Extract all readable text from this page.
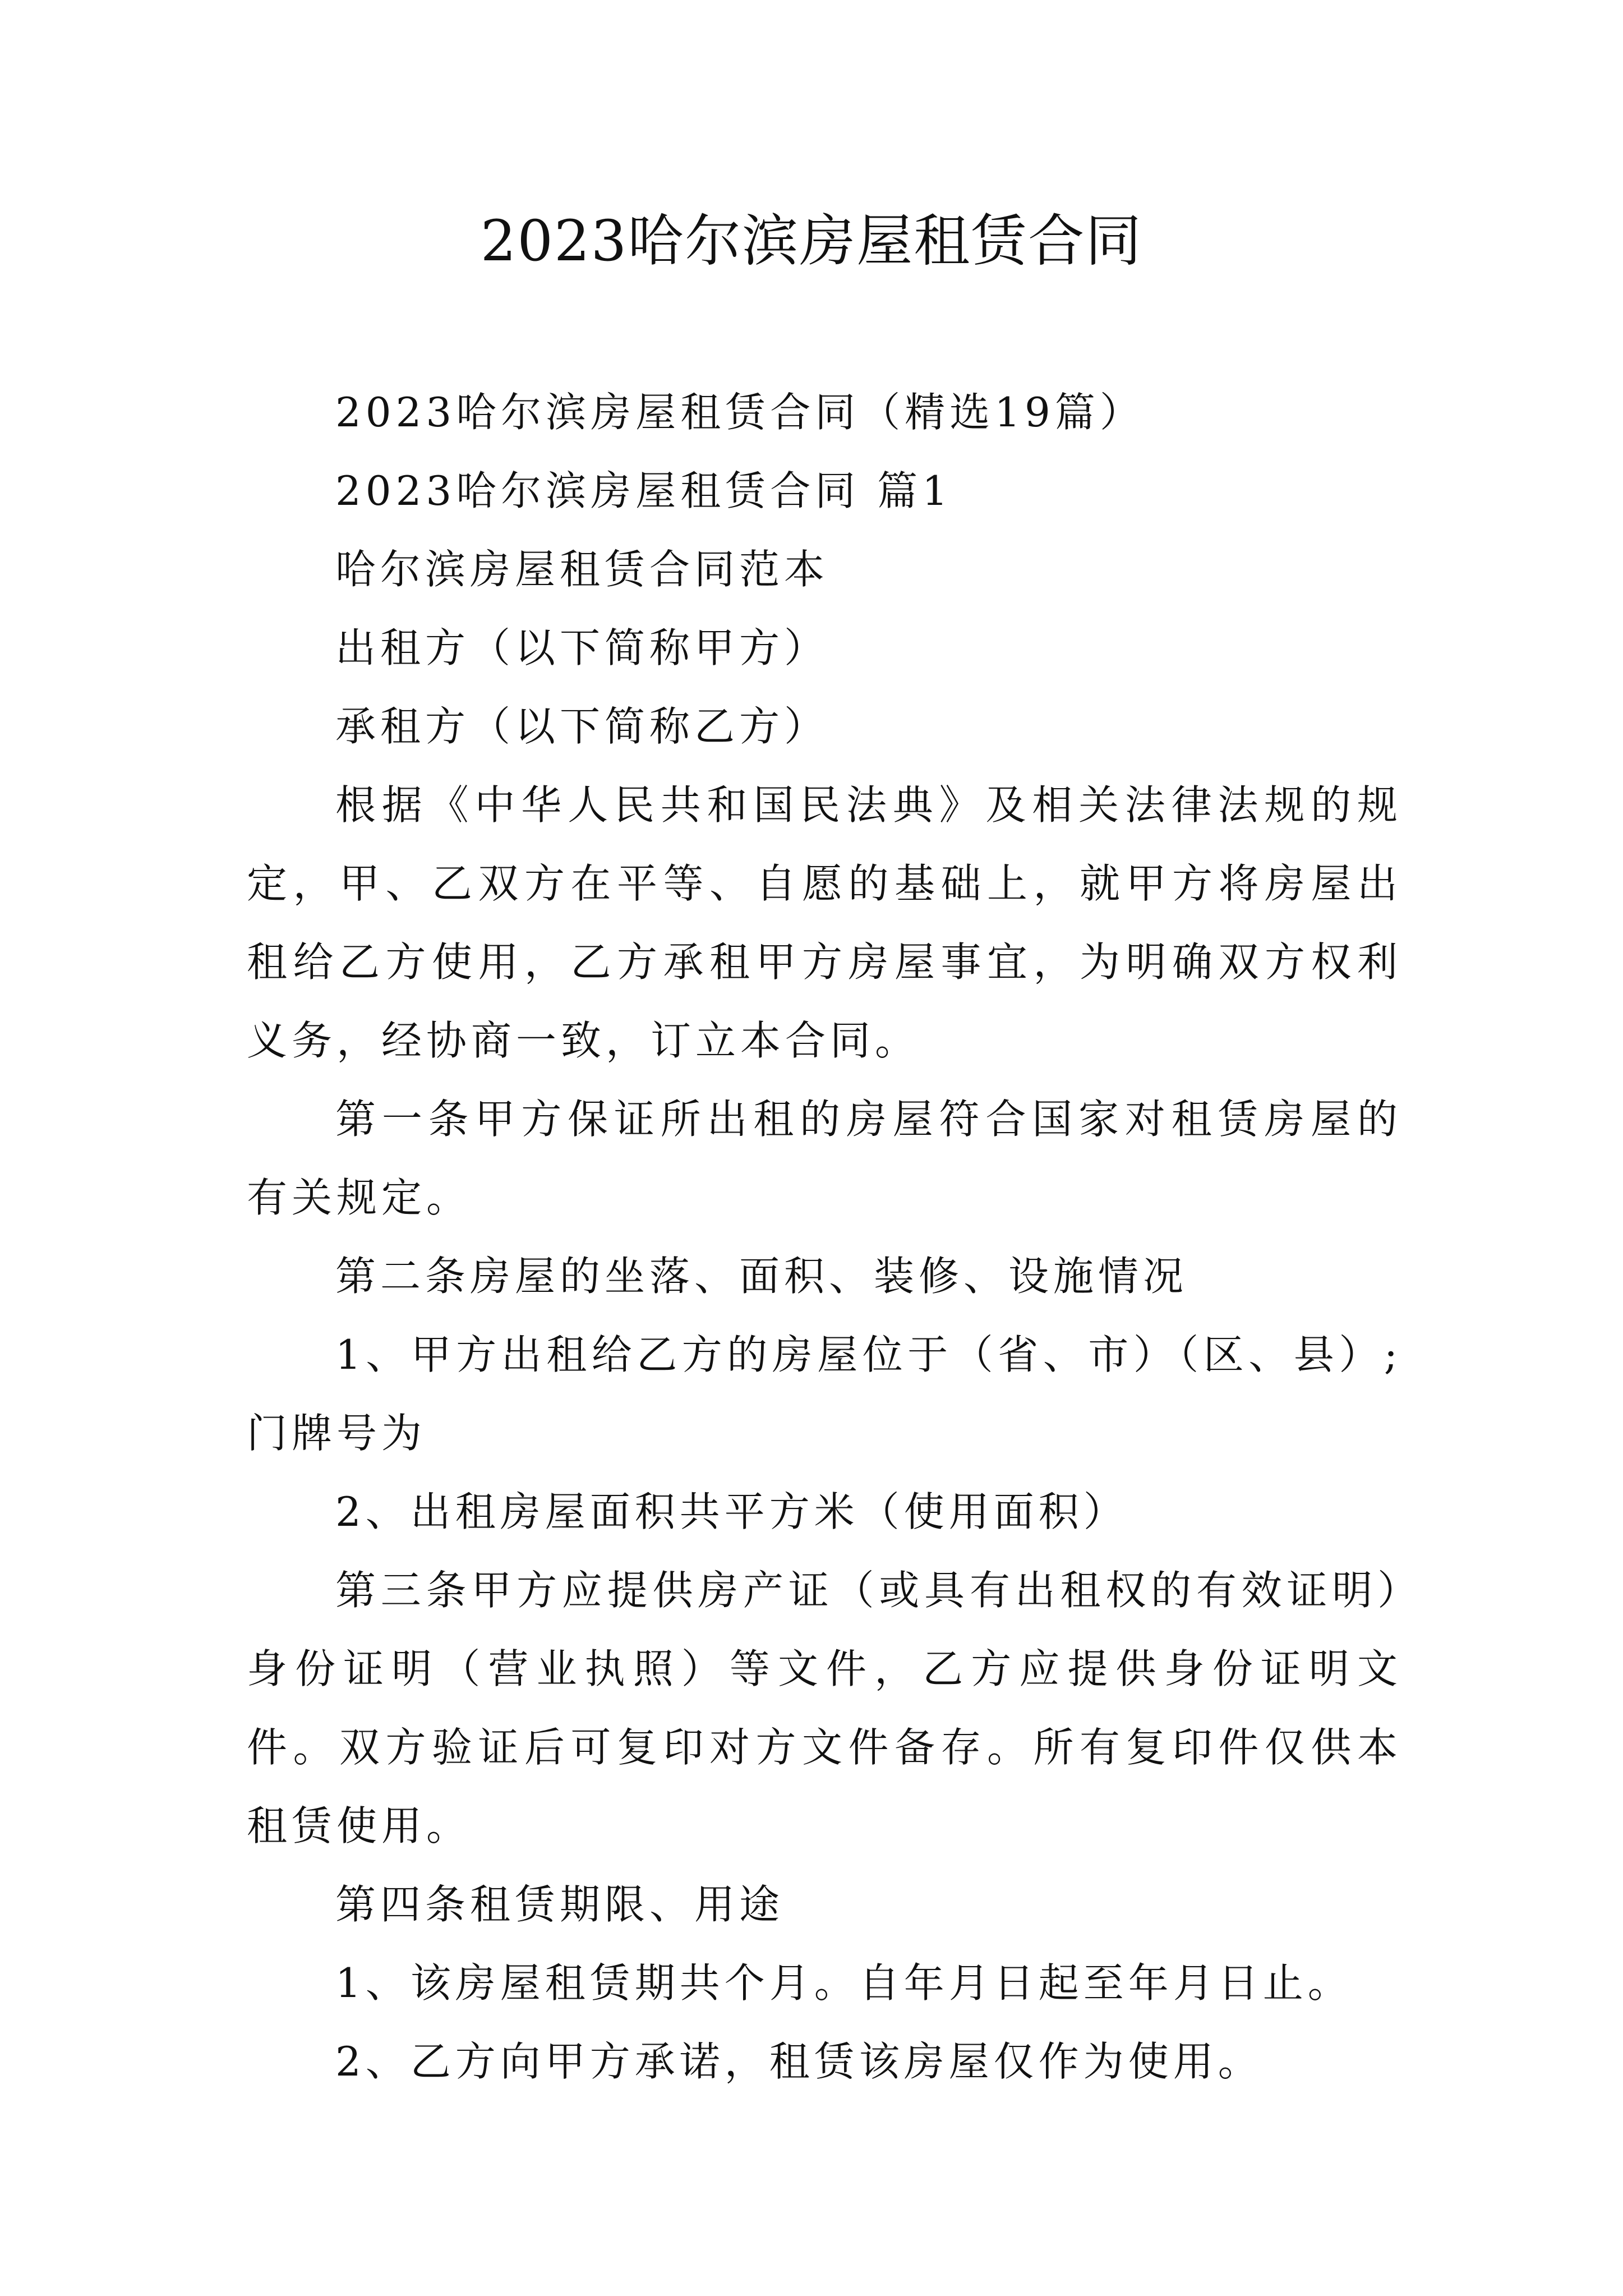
2023哈尔滨房屋租赁合同

2023哈尔滨房屋租赁合同（精选19篇）

2023哈尔滨房屋租赁合同 篇1

哈尔滨房屋租赁合同范本

出租方（以下简称甲方）

承租方（以下简称乙方）

根据《中华人民共和国民法典》及相关法律法规的规定，甲、乙双方在平等、自愿的基础上，就甲方将房屋出租给乙方使用，乙方承租甲方房屋事宜，为明确双方权利义务，经协商一致，订立本合同。

第一条甲方保证所出租的房屋符合国家对租赁房屋的有关规定。

第二条房屋的坐落、面积、装修、设施情况

1、甲方出租给乙方的房屋位于（省、市）（区、县）;门牌号为

2、出租房屋面积共平方米（使用面积）

第三条甲方应提供房产证（或具有出租权的有效证明）身份证明（营业执照）等文件，乙方应提供身份证明文件。双方验证后可复印对方文件备存。所有复印件仅供本租赁使用。

第四条租赁期限、用途

1、该房屋租赁期共个月。自年月日起至年月日止。

2、乙方向甲方承诺，租赁该房屋仅作为使用。
